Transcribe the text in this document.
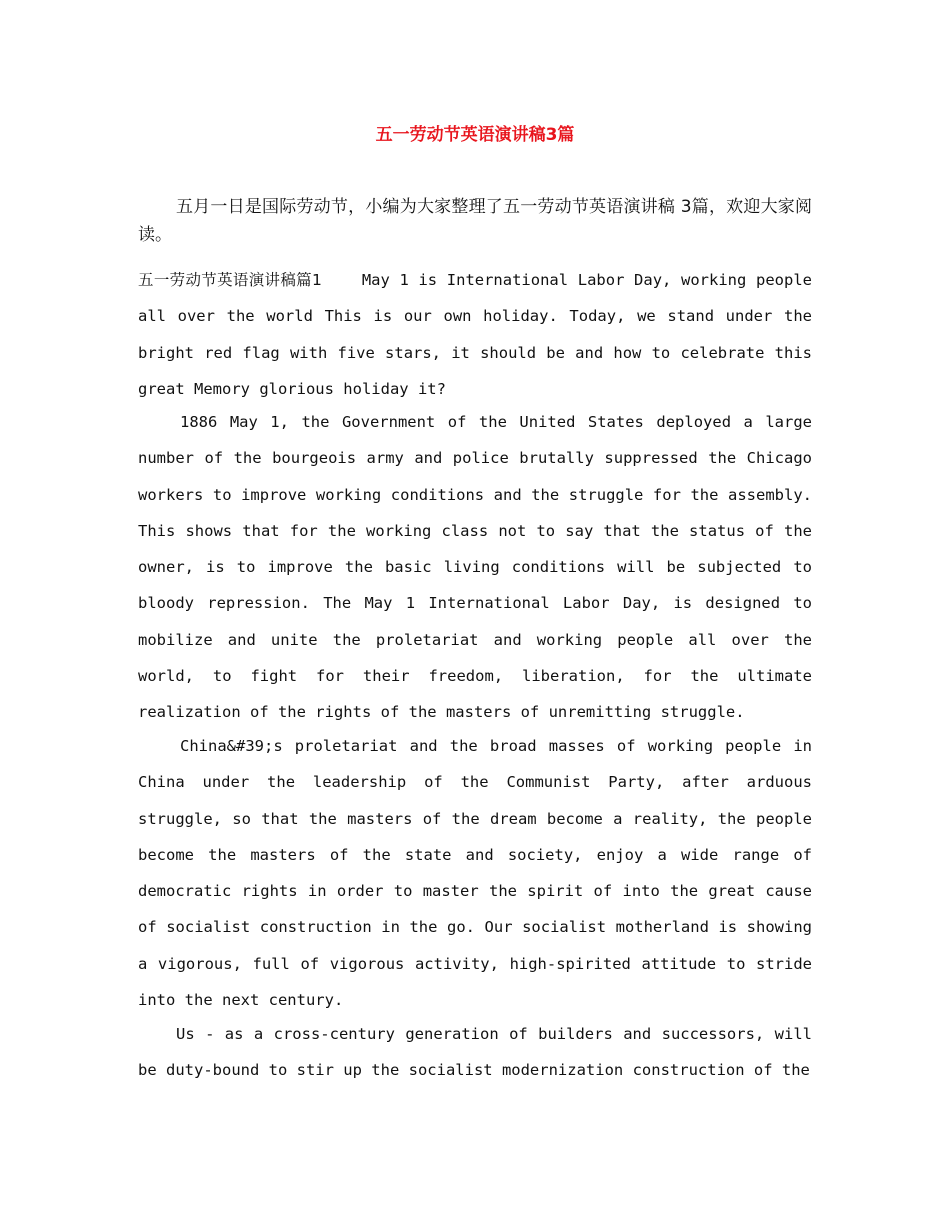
五一劳动节英语演讲稿3篇

五月一日是国际劳动节，小编为大家整理了五一劳动节英语演讲稿 3篇，欢迎大家阅读。

五一劳动节英语演讲稿篇1	May 1 is International Labor Day, working people all over the world This is our own holiday. Today, we stand under the bright red flag with five stars, it should be and how to celebrate this great Memory glorious holiday it?

1886 May 1, the Government of the United States deployed a large number of the bourgeois army and police brutally suppressed the Chicago workers to improve working conditions and the struggle for the assembly. This shows that for the working class not to say that the status of the owner, is to improve the basic living conditions will be subjected to bloody repression. The May 1 International Labor Day, is designed to mobilize and unite the proletariat and working people all over the world, to fight for their freedom, liberation, for the ultimate realization of the rights of the masters of unremitting struggle.

China&#39;s proletariat and the broad masses of working people in China under the leadership of the Communist Party, after arduous struggle, so that the masters of the dream become a reality, the people become the masters of the state and society, enjoy a wide range of democratic rights in order to master the spirit of into the great cause of socialist construction in the go. Our socialist motherland is showing a vigorous, full of vigorous activity, high-spirited attitude to stride into the next century.

Us - as a cross-century generation of builders and successors, will be duty-bound to stir up the socialist modernization construction of the
